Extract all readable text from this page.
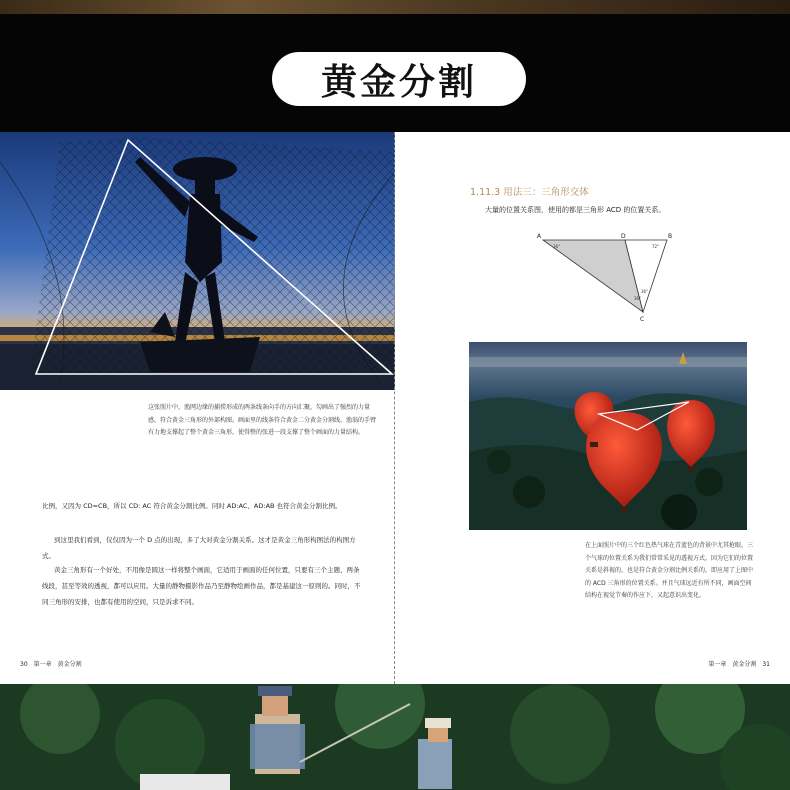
黄金分割
这张照片中，渔网边缘的捕捞形成的两条线条向手的方向汇聚，勾画出了强烈的力量感，符合黄金三角形的外部构图。画面里的线条符合黄金二分黄金分割线。渔翁的手臂有力地支撑起了整个黄金三角形，使得整的张进一段支撑了整个画面的力量结构。

比例，又因为 CD=CB，所以 CD: AC 符合黄金分割比例。同时 AD:AC、AD:AB 也符合黄金分割比例。

到这里我们看到，仅仅因为一个 D 点的出现，多了大对黄金分割关系。这才是黄金三角形构图法的构图方式。

黄金三角形有一个好处，不用像是圆这一样将整个画面，它适用于画面的任何位置，只要有三个主题、两条线段，甚至等效的透视，都可以应用。大量的静物摄影作品乃至静物绘画作品，都是基建这一原则的。同时，不同三角形的安排，也都有使用的空间，只是诉求不同。

30　第一章　黄金分割
1.11.3 用法三：三角形交体
大量的位置关系图，使用的都是三角形 ACD 的位置关系。
A	D	B
C
36°	72°
36°
36°
在上面照片中的三个红色热气球在青蓝色的背景中尤其抢眼，三个气球的位置关系为我们常常采见的透视方式。因为它们的位置关系是斜视的，也是符合黄金分割比例关系的，即应用了上图中的 ACD 三角形的位置关系。并且气球远近有所不同，画面空间结构在视觉节奏的作应下，又起意识出变化。
第一章　黄金分割　31
